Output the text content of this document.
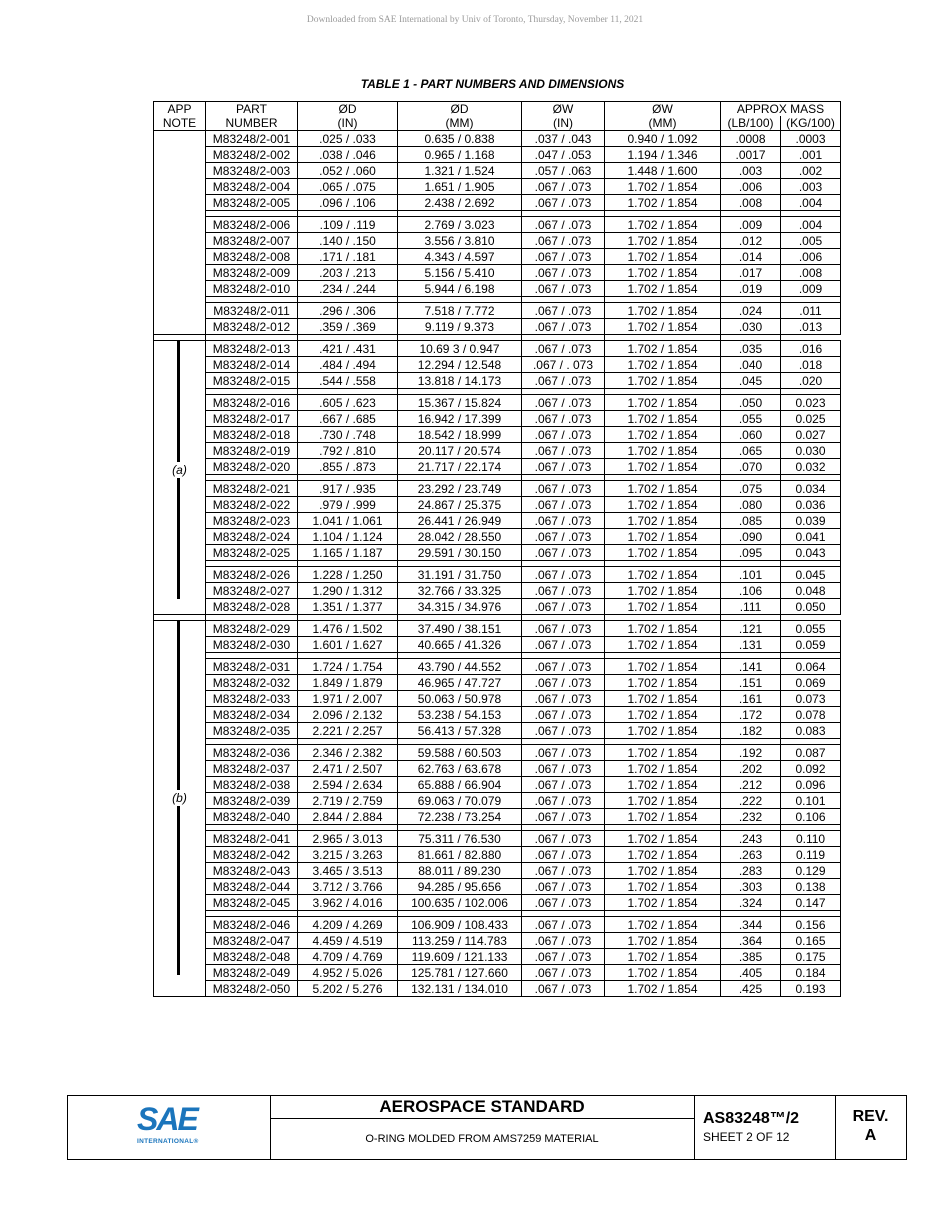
Downloaded from SAE International by Univ of Toronto, Thursday, November 11, 2021
TABLE 1 - PART NUMBERS AND DIMENSIONS
APP	PART	ØD	ØD	ØW	ØW	APPROX MASS	
NOTE	NUMBER	(IN)	(MM)	(IN)	(MM)	(LB/100)	(KG/100)
	M83248/2-001	.025 / .033	0.635 / 0.838	.037 / .043	0.940 / 1.092	.0008	.0003
	M83248/2-002	.038 / .046	0.965 / 1.168	.047 / .053	1.194 / 1.346	.0017	.001
	M83248/2-003	.052 / .060	1.321 / 1.524	.057 / .063	1.448 / 1.600	.003	.002
	M83248/2-004	.065 / .075	1.651 / 1.905	.067 / .073	1.702 / 1.854	.006	.003
	M83248/2-005	.096 / .106	2.438 / 2.692	.067 / .073	1.702 / 1.854	.008	.004

	M83248/2-006	.109 / .119	2.769 / 3.023	.067 / .073	1.702 / 1.854	.009	.004
	M83248/2-007	.140 / .150	3.556 / 3.810	.067 / .073	1.702 / 1.854	.012	.005
	M83248/2-008	.171 / .181	4.343 / 4.597	.067 / .073	1.702 / 1.854	.014	.006
	M83248/2-009	.203 / .213	5.156 / 5.410	.067 / .073	1.702 / 1.854	.017	.008
	M83248/2-010	.234 / .244	5.944 / 6.198	.067 / .073	1.702 / 1.854	.019	.009

	M83248/2-011	.296 / .306	7.518 / 7.772	.067 / .073	1.702 / 1.854	.024	.011
	M83248/2-012	.359 / .369	9.119 / 9.373	.067 / .073	1.702 / 1.854	.030	.013

(a)	M83248/2-013	.421 / .431	10.69 3 / 0.947	.067 / .073	1.702 / 1.854	.035	.016
	M83248/2-014	.484 / .494	12.294 / 12.548	.067 / . 073	1.702 / 1.854	.040	.018
	M83248/2-015	.544 / .558	13.818 / 14.173	.067 / .073	1.702 / 1.854	.045	.020

	M83248/2-016	.605 / .623	15.367 / 15.824	.067 / .073	1.702 / 1.854	.050	0.023
	M83248/2-017	.667 / .685	16.942 / 17.399	.067 / .073	1.702 / 1.854	.055	0.025
	M83248/2-018	.730 / .748	18.542 / 18.999	.067 / .073	1.702 / 1.854	.060	0.027
	M83248/2-019	.792 / .810	20.117 / 20.574	.067 / .073	1.702 / 1.854	.065	0.030
	M83248/2-020	.855 / .873	21.717 / 22.174	.067 / .073	1.702 / 1.854	.070	0.032

	M83248/2-021	.917 / .935	23.292 / 23.749	.067 / .073	1.702 / 1.854	.075	0.034
	M83248/2-022	.979 / .999	24.867 / 25.375	.067 / .073	1.702 / 1.854	.080	0.036
	M83248/2-023	1.041 / 1.061	26.441 / 26.949	.067 / .073	1.702 / 1.854	.085	0.039
	M83248/2-024	1.104 / 1.124	28.042 / 28.550	.067 / .073	1.702 / 1.854	.090	0.041
	M83248/2-025	1.165 / 1.187	29.591 / 30.150	.067 / .073	1.702 / 1.854	.095	0.043

	M83248/2-026	1.228 / 1.250	31.191 / 31.750	.067 / .073	1.702 / 1.854	.101	0.045
	M83248/2-027	1.290 / 1.312	32.766 / 33.325	.067 / .073	1.702 / 1.854	.106	0.048
	M83248/2-028	1.351 / 1.377	34.315 / 34.976	.067 / .073	1.702 / 1.854	.111	0.050

(b)	M83248/2-029	1.476 / 1.502	37.490 / 38.151	.067 / .073	1.702 / 1.854	.121	0.055
	M83248/2-030	1.601 / 1.627	40.665 / 41.326	.067 / .073	1.702 / 1.854	.131	0.059

	M83248/2-031	1.724 / 1.754	43.790 / 44.552	.067 / .073	1.702 / 1.854	.141	0.064
	M83248/2-032	1.849 / 1.879	46.965 / 47.727	.067 / .073	1.702 / 1.854	.151	0.069
	M83248/2-033	1.971 / 2.007	50.063 / 50.978	.067 / .073	1.702 / 1.854	.161	0.073
	M83248/2-034	2.096 / 2.132	53.238 / 54.153	.067 / .073	1.702 / 1.854	.172	0.078
	M83248/2-035	2.221 / 2.257	56.413 / 57.328	.067 / .073	1.702 / 1.854	.182	0.083

	M83248/2-036	2.346 / 2.382	59.588 / 60.503	.067 / .073	1.702 / 1.854	.192	0.087
	M83248/2-037	2.471 / 2.507	62.763 / 63.678	.067 / .073	1.702 / 1.854	.202	0.092
	M83248/2-038	2.594 / 2.634	65.888 / 66.904	.067 / .073	1.702 / 1.854	.212	0.096
	M83248/2-039	2.719 / 2.759	69.063 / 70.079	.067 / .073	1.702 / 1.854	.222	0.101
	M83248/2-040	2.844 / 2.884	72.238 / 73.254	.067 / .073	1.702 / 1.854	.232	0.106

	M83248/2-041	2.965 / 3.013	75.311 / 76.530	.067 / .073	1.702 / 1.854	.243	0.110
	M83248/2-042	3.215 / 3.263	81.661 / 82.880	.067 / .073	1.702 / 1.854	.263	0.119
	M83248/2-043	3.465 / 3.513	88.011 / 89.230	.067 / .073	1.702 / 1.854	.283	0.129
	M83248/2-044	3.712 / 3.766	94.285 / 95.656	.067 / .073	1.702 / 1.854	.303	0.138
	M83248/2-045	3.962 / 4.016	100.635 / 102.006	.067 / .073	1.702 / 1.854	.324	0.147

	M83248/2-046	4.209 / 4.269	106.909 / 108.433	.067 / .073	1.702 / 1.854	.344	0.156
	M83248/2-047	4.459 / 4.519	113.259 / 114.783	.067 / .073	1.702 / 1.854	.364	0.165
	M83248/2-048	4.709 / 4.769	119.609 / 121.133	.067 / .073	1.702 / 1.854	.385	0.175
	M83248/2-049	4.952 / 5.026	125.781 / 127.660	.067 / .073	1.702 / 1.854	.405	0.184
	M83248/2-050	5.202 / 5.276	132.131 / 134.010	.067 / .073	1.702 / 1.854	.425	0.193
SAE
INTERNATIONAL®
AEROSPACE STANDARD
O-RING MOLDED FROM AMS7259 MATERIAL
AS83248™/2
SHEET 2 OF 12
REV.
A
